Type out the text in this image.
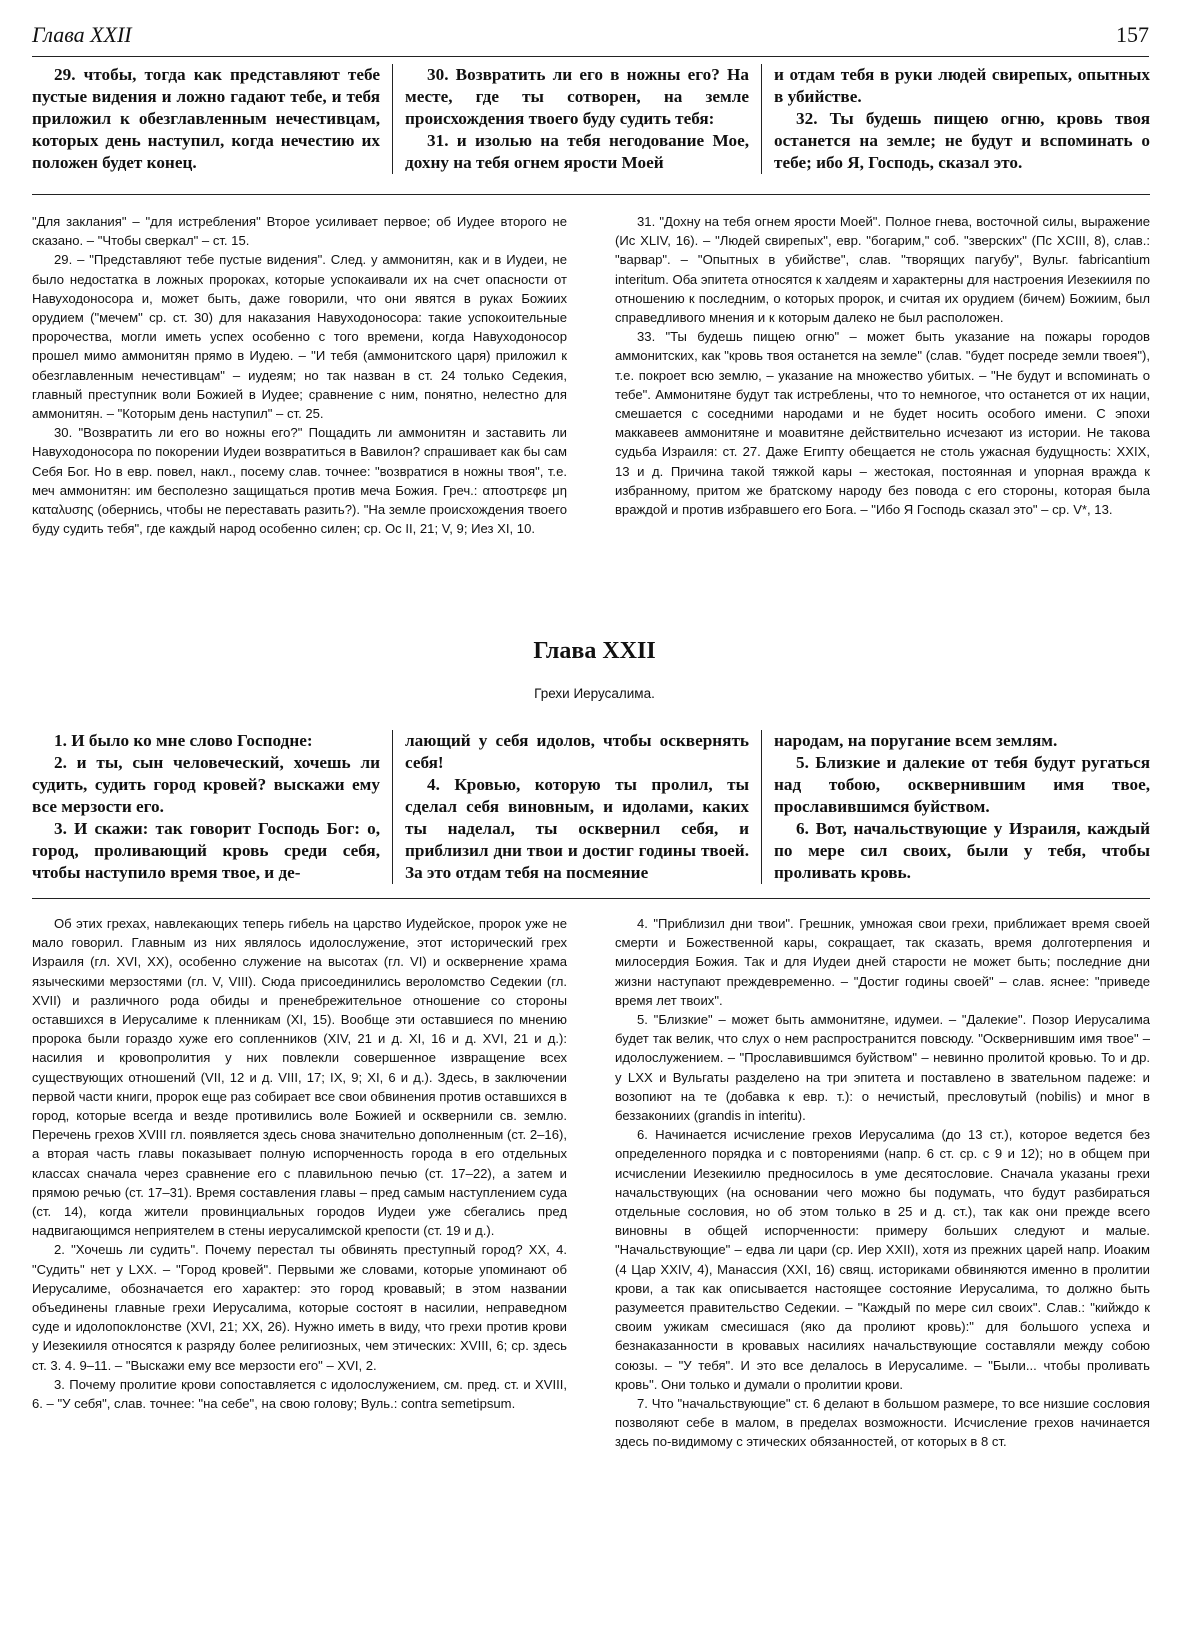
Глава XXII	157

29. чтобы, тогда как представляют тебе пустые видения и ложно гадают тебе, и тебя приложил к обезглавленным нечестивцам, которых день наступил, когда нечестию их положен будет конец.

30. Возвратить ли его в ножны его? На месте, где ты сотворен, на земле происхождения твоего буду судить тебя:

31. и изолью на тебя негодование Мое, дохну на тебя огнем ярости Моей

и отдам тебя в руки людей свирепых, опытных в убийстве.

32. Ты будешь пищею огню, кровь твоя останется на земле; не будут и вспоминать о тебе; ибо Я, Господь, сказал это.

"Для заклания" – "для истребления" Второе усиливает первое; об Иудее второго не сказано. – "Чтобы сверкал" – ст. 15.

29. – "Представляют тебе пустые видения". След. у аммонитян, как и в Иудеи, не было недостатка в ложных пророках, которые успокаивали их на счет опасности от Навуходоносора и, может быть, даже говорили, что они явятся в руках Божиих орудием ("мечем" ср. ст. 30) для наказания Навуходоносора: такие успокоительные пророчества, могли иметь успех особенно с того времени, когда Навуходоносор прошел мимо аммонитян прямо в Иудею. – "И тебя (аммонитского царя) приложил к обезглавленным нечестивцам" – иудеям; но так назван в ст. 24 только Седекия, главный преступник воли Божией в Иудее; сравнение с ним, понятно, нелестно для аммонитян. – "Которым день наступил" – ст. 25.

30. "Возвратить ли его во ножны его?" Пощадить ли аммонитян и заставить ли Навуходоносора по покорении Иудеи возвратиться в Вавилон? спрашивает как бы сам Себя Бог. Но в евр. повел, накл., посему слав. точнее: "возвратися в ножны твоя", т.е. меч аммонитян: им бесполезно защищаться против меча Божия. Греч.: αποστρεφε μη καταλυσης (обернись, чтобы не переставать разить?). "На земле происхождения твоего буду судить тебя", где каждый народ особенно силен; ср. Ос II, 21; V, 9; Иез XI, 10.

31. "Дохну на тебя огнем ярости Моей". Полное гнева, восточной силы, выражение (Ис XLIV, 16). – "Людей свирепых", евр. "богарим," соб. "зверских" (Пс XCIII, 8), слав.: "варвар". – "Опытных в убийстве", слав. "творящих пагубу", Вульг. fabricantium interitum. Оба эпитета относятся к халдеям и характерны для настроения Иезекииля по отношению к последним, о которых пророк, и считая их орудием (бичем) Божиим, был справедливого мнения и к которым далеко не был расположен.

33. "Ты будешь пищею огню" – может быть указание на пожары городов аммонитских, как "кровь твоя останется на земле" (слав. "будет посреде земли твоея"), т.е. покроет всю землю, – указание на множество убитых. – "Не будут и вспоминать о тебе". Аммонитяне будут так истреблены, что то немногое, что останется от их нации, смешается с соседними народами и не будет носить особого имени. С эпохи маккавеев аммонитяне и моавитяне действительно исчезают из истории. Не такова судьба Израиля: ст. 27. Даже Египту обещается не столь ужасная будущность: XXIX, 13 и д. Причина такой тяжкой кары – жестокая, постоянная и упорная вражда к избранному, притом же братскому народу без повода с его стороны, которая была враждой и против избравшего его Бога. – "Ибо Я Господь сказал это" – ср. V*, 13.

Глава XXII
Грехи Иерусалима.

1. И было ко мне слово Господне:

2. и ты, сын человеческий, хочешь ли судить, судить город кровей? выскажи ему все мерзости его.

3. И скажи: так говорит Господь Бог: о, город, проливающий кровь среди себя, чтобы наступило время твое, и де-

лающий у себя идолов, чтобы осквернять себя!

4. Кровью, которую ты пролил, ты сделал себя виновным, и идолами, каких ты наделал, ты осквернил себя, и приблизил дни твои и достиг годины твоей. За это отдам тебя на посмеяние

народам, на поругание всем землям.

5. Близкие и далекие от тебя будут ругаться над тобою, осквернившим имя твое, прославившимся буйством.

6. Вот, начальствующие у Израиля, каждый по мере сил своих, были у тебя, чтобы проливать кровь.

Об этих грехах, навлекающих теперь гибель на царство Иудейское, пророк уже не мало говорил. Главным из них являлось идолослужение, этот исторический грех Израиля (гл. XVI, XX), особенно служение на высотах (гл. VI) и осквернение храма языческими мерзостями (гл. V, VIII). Сюда присоединились вероломство Седекии (гл. XVII) и различного рода обиды и пренебрежительное отношение со стороны оставшихся в Иерусалиме к пленникам (XI, 15). Вообще эти оставшиеся по мнению пророка были гораздо хуже его сопленников (XIV, 21 и д. XI, 16 и д. XVI, 21 и д.): насилия и кровопролития у них повлекли совершенное извращение всех существующих отношений (VII, 12 и д. VIII, 17; IX, 9; XI, 6 и д.). Здесь, в заключении первой части книги, пророк еще раз собирает все свои обвинения против оставшихся в город, которые всегда и везде противились воле Божией и осквернили св. землю. Перечень грехов XVIII гл. появляется здесь снова значительно дополненным (ст. 2–16), а вторая часть главы показывает полную испорченность города в его отдельных классах сначала через сравнение его с плавильною печью (ст. 17–22), а затем и прямою речью (ст. 17–31). Время составления главы – пред самым наступлением суда (ст. 14), когда жители провинциальных городов Иудеи уже сбегались пред надвигающимся неприятелем в стены иерусалимской крепости (ст. 19 и д.).

2. "Хочешь ли судить". Почему перестал ты обвинять преступный город? XX, 4. "Судить" нет у LXX. – "Город кровей". Первыми же словами, которые упоминают об Иерусалиме, обозначается его характер: это город кровавый; в этом названии объединены главные грехи Иерусалима, которые состоят в насилии, неправедном суде и идолопоклонстве (XVI, 21; XX, 26). Нужно иметь в виду, что грехи против крови у Иезекииля относятся к разряду более религиозных, чем этических: XVIII, 6; ср. здесь ст. 3. 4. 9–11. – "Выскажи ему все мерзости его" – XVI, 2.

3. Почему пролитие крови сопоставляется с идолослужением, см. пред. ст. и XVIII, 6. – "У себя", слав. точнее: "на себе", на свою голову; Вуль.: contra semetipsum.

4. "Приблизил дни твои". Грешник, умножая свои грехи, приближает время своей смерти и Божественной кары, сокращает, так сказать, время долготерпения и милосердия Божия. Так и для Иудеи дней старости не может быть; последние дни жизни наступают преждевременно. – "Достиг годины своей" – слав. яснее: "приведе время лет твоих".

5. "Близкие" – может быть аммонитяне, идумеи. – "Далекие". Позор Иерусалима будет так велик, что слух о нем распространится повсюду. "Осквернившим имя твое" – идолослужением. – "Прославившимся буйством" – невинно пролитой кровью. То и др. у LXX и Вульгаты разделено на три эпитета и поставлено в звательном падеже: и возопиют на те (добавка к евр. т.): о нечистый, пресловутый (nobilis) и мног в беззакониих (grandis in interitu).

6. Начинается исчисление грехов Иерусалима (до 13 ст.), которое ведется без определенного порядка и с повторениями (напр. 6 ст. ср. с 9 и 12); но в общем при исчислении Иезекиилю предносилось в уме десятословие. Сначала указаны грехи начальствующих (на основании чего можно бы подумать, что будут разбираться отдельные сословия, но об этом только в 25 и д. ст.), так как они прежде всего виновны в общей испорченности: примеру больших следуют и малые. "Начальствующие" – едва ли цари (ср. Иер XXII), хотя из прежних царей напр. Иоаким (4 Цар XXIV, 4), Манассия (XXI, 16) свящ. историками обвиняются именно в пролитии крови, а так как описывается настоящее состояние Иерусалима, то должно быть разумеется правительство Седекии. – "Каждый по мере сил своих". Слав.: "кийждо к своим ужикам смесишася (яко да пролиют кровь):" для большого успеха и безнаказанности в кровавых насилиях начальствующие составляли между собою союзы. – "У тебя". И это все делалось в Иерусалиме. – "Были... чтобы проливать кровь". Они только и думали о пролитии крови.

7. Что "начальствующие" ст. 6 делают в большом размере, то все низшие сословия позволяют себе в малом, в пределах возможности. Исчисление грехов начинается здесь по-видимому с этических обязанностей, от которых в 8 ст.
